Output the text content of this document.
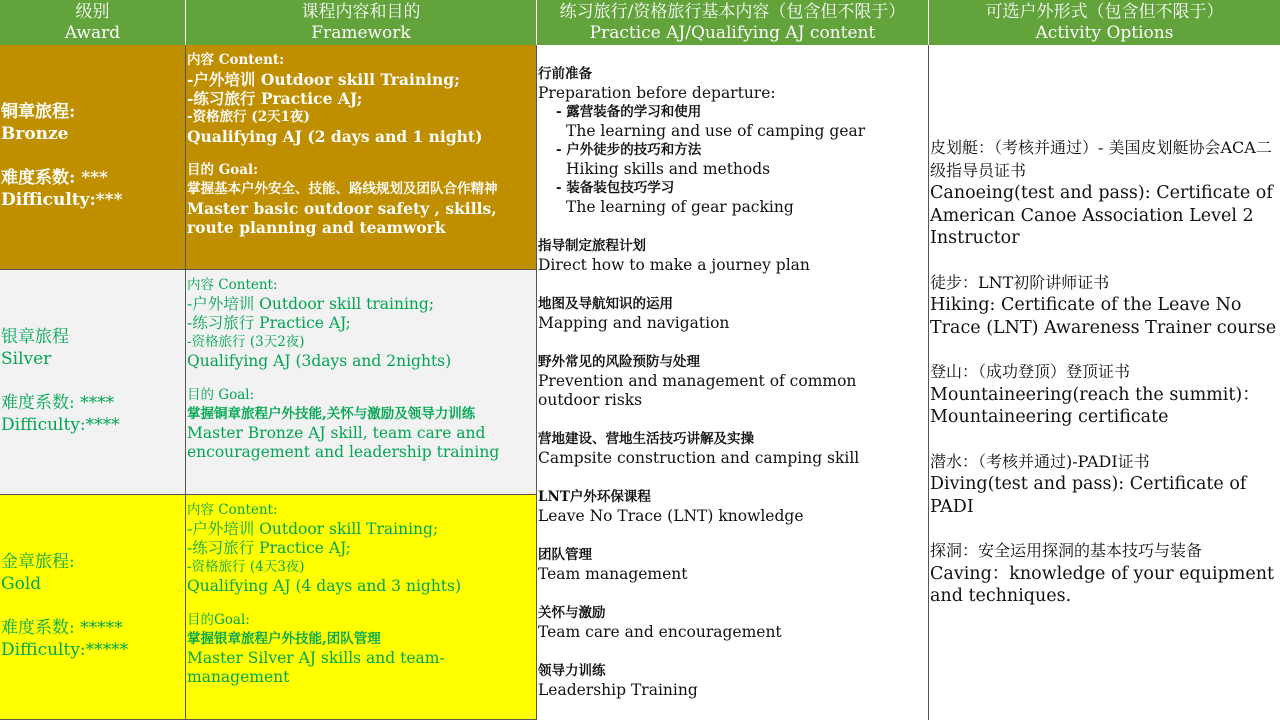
级别
Award
课程内容和目的
Framework
练习旅行/资格旅行基本内容（包含但不限于）
Practice AJ/Qualifying AJ content
可选户外形式（包含但不限于）
Activity Options
铜章旅程:
Bronze
难度系数: ***
Difficulty:***
内容 Content:
-户外培训 Outdoor skill Training;
-练习旅行 Practice AJ;
-资格旅行 (2天1夜)
Qualifying AJ (2 days and 1 night)
目的 Goal:
掌握基本户外安全、技能、路线规划及团队合作精神
Master basic outdoor safety , skills, route planning and teamwork
银章旅程
Silver
难度系数: ****
Difficulty:****
内容 Content:
-户外培训 Outdoor skill training;
-练习旅行 Practice AJ;
-资格旅行 (3天2夜)
Qualifying AJ (3days and 2nights)
目的 Goal:
掌握铜章旅程户外技能,关怀与激励及领导力训练
Master Bronze AJ skill, team care and encouragement and leadership training
金章旅程:
Gold
难度系数: *****
Difficulty:*****
内容 Content:
-户外培训 Outdoor skill Training;
-练习旅行 Practice AJ;
-资格旅行 (4天3夜)
Qualifying AJ (4 days and 3 nights)
目的Goal:
掌握银章旅程户外技能,团队管理
Master Silver AJ skills and team-management
行前准备
Preparation before departure:
- 露营装备的学习和使用
The learning and use of camping gear
- 户外徒步的技巧和方法
Hiking skills and methods
- 装备装包技巧学习
The learning of gear packing
指导制定旅程计划
Direct how to make a journey plan
地图及导航知识的运用
Mapping and navigation
野外常见的风险预防与处理
Prevention and management of common outdoor risks
营地建设、营地生活技巧讲解及实操
Campsite construction and camping skill
LNT户外环保课程
Leave No Trace (LNT) knowledge
团队管理
Team management
关怀与激励
Team care and encouragement
领导力训练
Leadership Training
皮划艇：（考核并通过）- 美国皮划艇协会ACA二级指导员证书
Canoeing(test and pass): Certificate of American Canoe Association Level 2 Instructor
徒步：LNT初阶讲师证书
Hiking: Certificate of the Leave No Trace (LNT) Awareness Trainer course
登山：（成功登顶）登顶证书
Mountaineering(reach the summit)：Mountaineering certificate
潜水：（考核并通过)-PADI证书
Diving(test and pass): Certificate of PADI
探洞：安全运用探洞的基本技巧与装备
Caving：knowledge of your equipment and techniques.
